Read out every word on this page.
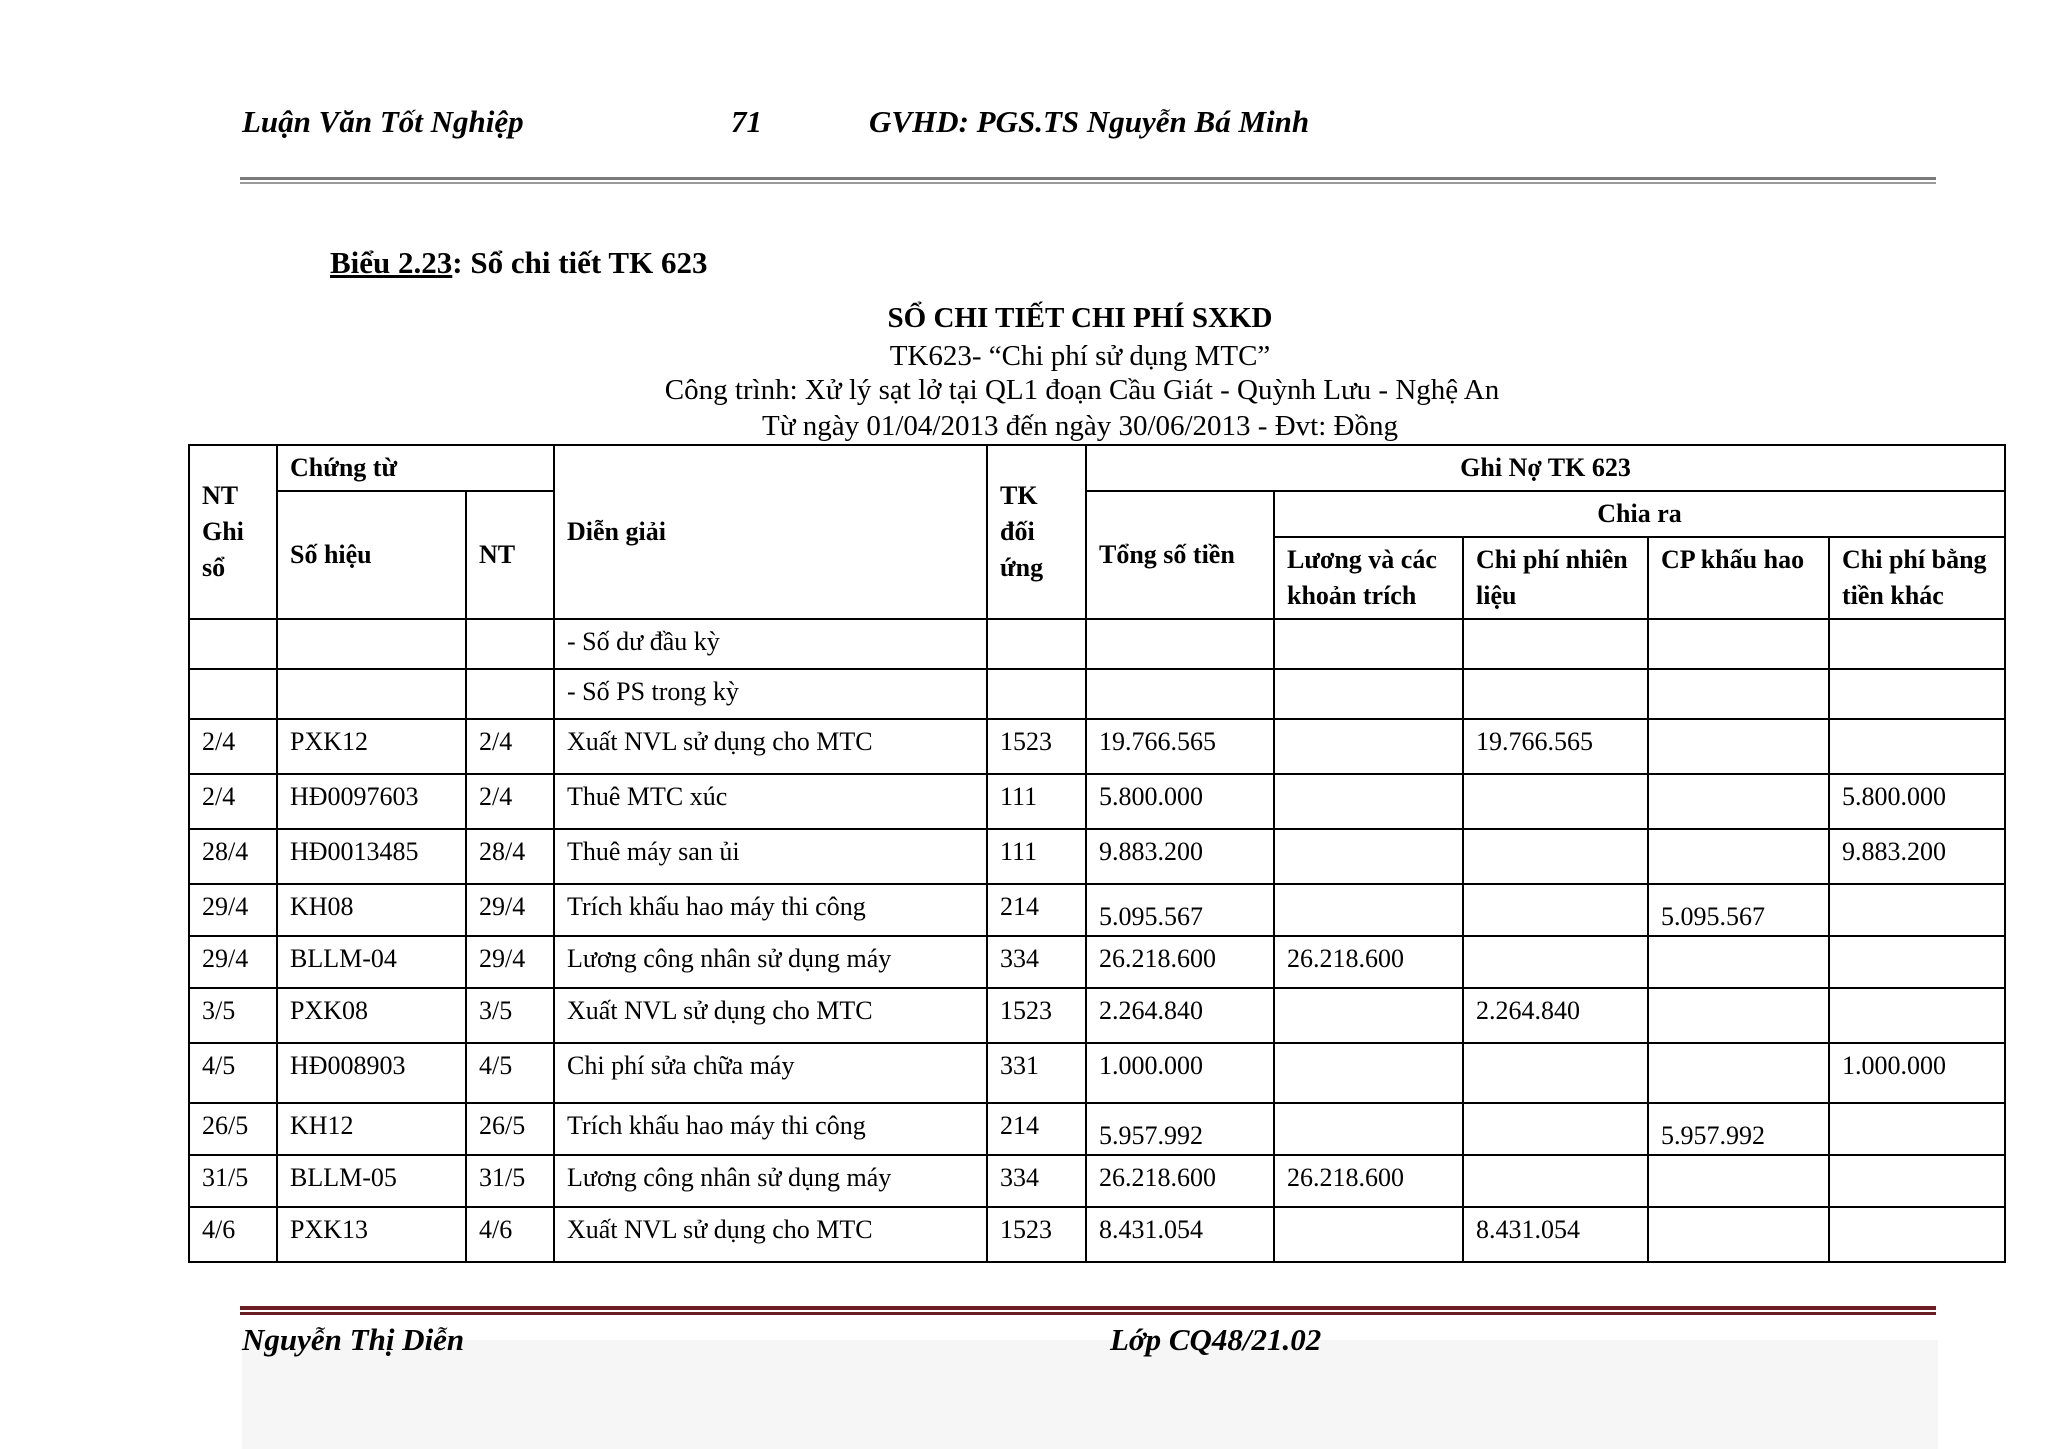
Luận Văn Tốt Nghiệp	71	GVHD: PGS.TS Nguyễn Bá Minh
Biểu 2.23: Sổ chi tiết TK 623
SỔ CHI TIẾT CHI PHÍ SXKD
TK623- “Chi phí sử dụng MTC”
Công trình: Xử lý sạt lở tại QL1 đoạn Cầu Giát - Quỳnh Lưu - Nghệ An
Từ ngày 01/04/2013 đến ngày 30/06/2013 - Đvt: Đồng
NT Ghi sổ	Chứng từ		Diễn giải	TK đối ứng	Ghi Nợ TK 623				
	Số hiệu	NT			Tổng số tiền	Chia ra			
						Lương và các khoản trích	Chi phí nhiên liệu	CP khấu hao	Chi phí bằng tiền khác
			- Số dư đầu kỳ						
			- Số PS trong kỳ						
2/4	PXK12	2/4	Xuất NVL sử dụng cho MTC	1523	19.766.565		19.766.565		
2/4	HĐ0097603	2/4	Thuê MTC xúc	111	5.800.000				5.800.000
28/4	HĐ0013485	28/4	Thuê máy san ủi	111	9.883.200				9.883.200
29/4	KH08	29/4	Trích khấu hao máy thi công	214	5.095.567			5.095.567	
29/4	BLLM-04	29/4	Lương công nhân sử dụng máy	334	26.218.600	26.218.600			
3/5	PXK08	3/5	Xuất NVL sử dụng cho MTC	1523	2.264.840		2.264.840		
4/5	HĐ008903	4/5	Chi phí sửa chữa máy	331	1.000.000				1.000.000
26/5	KH12	26/5	Trích khấu hao máy thi công	214	5.957.992			5.957.992	
31/5	BLLM-05	31/5	Lương công nhân sử dụng máy	334	26.218.600	26.218.600			
4/6	PXK13	4/6	Xuất NVL sử dụng cho MTC	1523	8.431.054		8.431.054		
Nguyễn Thị Diễn	Lớp CQ48/21.02
